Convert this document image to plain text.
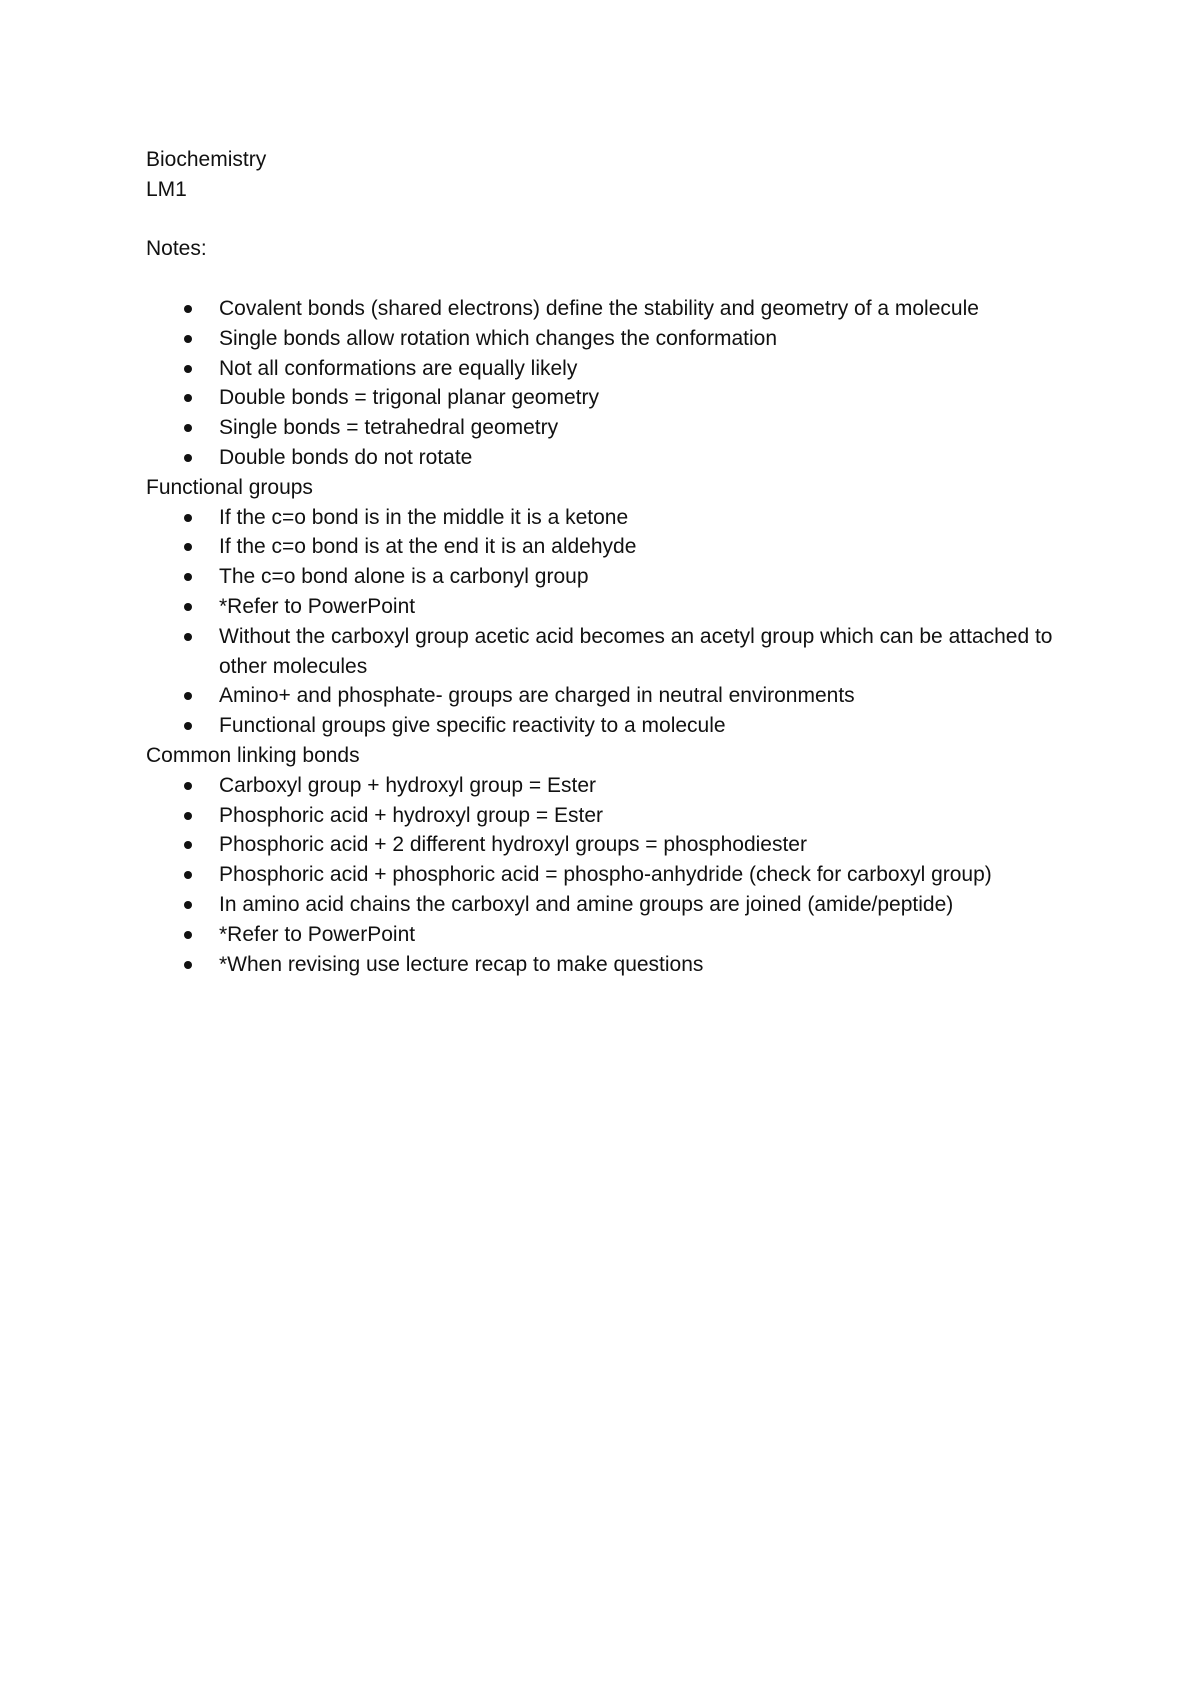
Biochemistry

LM1

Notes:

Covalent bonds (shared electrons) define the stability and geometry of a molecule
Single bonds allow rotation which changes the conformation
Not all conformations are equally likely
Double bonds = trigonal planar geometry
Single bonds = tetrahedral geometry
Double bonds do not rotate

Functional groups

If the c=o bond is in the middle it is a ketone
If the c=o bond is at the end it is an aldehyde
The c=o bond alone is a carbonyl group
*Refer to PowerPoint
Without the carboxyl group acetic acid becomes an acetyl group which can be attached to other molecules
Amino+ and phosphate- groups are charged in neutral environments
Functional groups give specific reactivity to a molecule

Common linking bonds

Carboxyl group + hydroxyl group = Ester
Phosphoric acid + hydroxyl group = Ester
Phosphoric acid + 2 different hydroxyl groups = phosphodiester
Phosphoric acid + phosphoric acid = phospho-anhydride (check for carboxyl group)
In amino acid chains the carboxyl and amine groups are joined (amide/peptide)
*Refer to PowerPoint
*When revising use lecture recap to make questions
